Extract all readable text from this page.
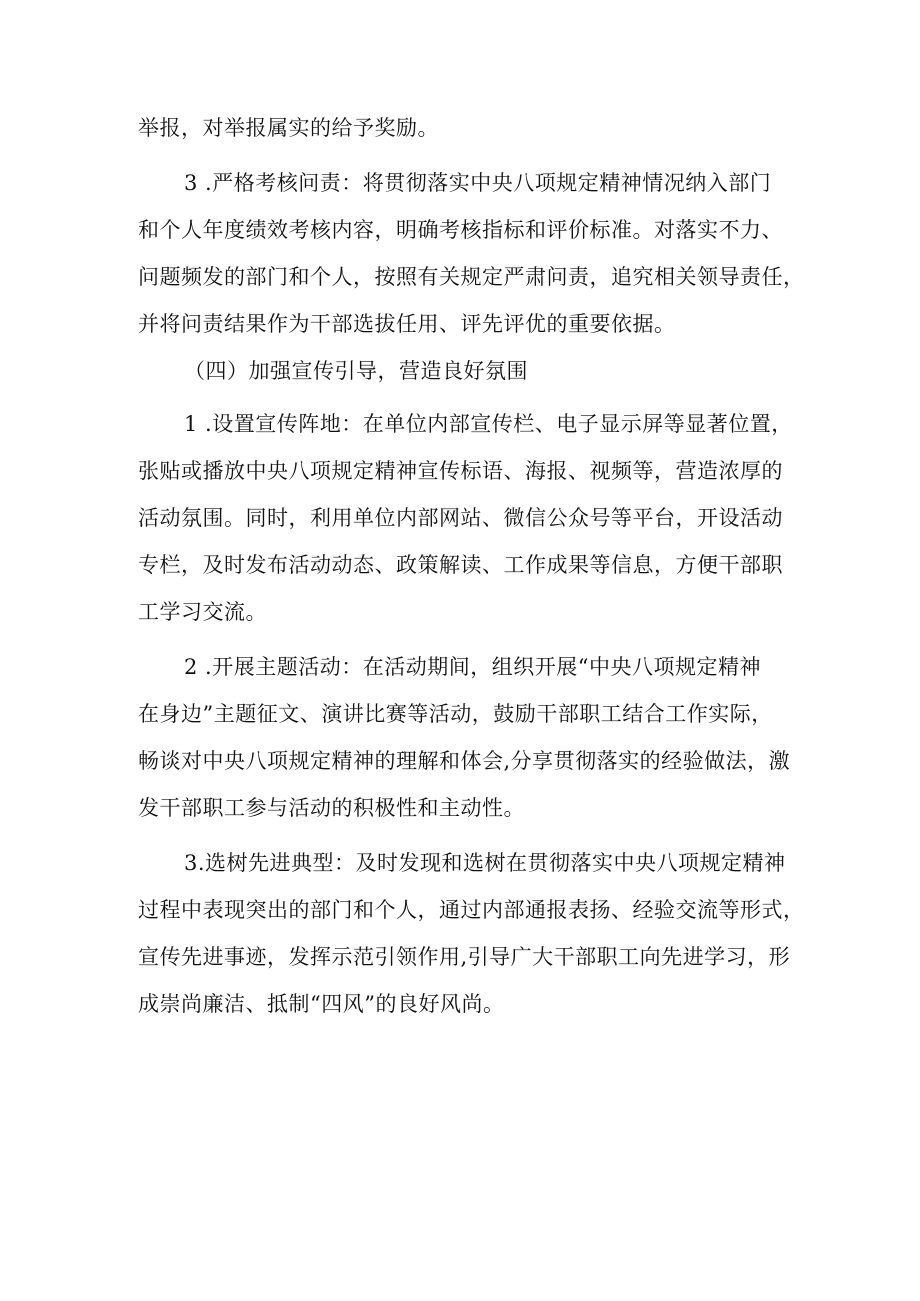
举报，对举报属实的给予奖励。
3 .严格考核问责：将贯彻落实中央八项规定精神情况纳入部门
和个人年度绩效考核内容，明确考核指标和评价标准。对落实不力、
问题频发的部门和个人，按照有关规定严肃问责，追究相关领导责任，
并将问责结果作为干部选拔任用、评先评优的重要依据。
（四）加强宣传引导，营造良好氛围
1 .设置宣传阵地：在单位内部宣传栏、电子显示屏等显著位置，
张贴或播放中央八项规定精神宣传标语、海报、视频等，营造浓厚的
活动氛围。同时，利用单位内部网站、微信公众号等平台，开设活动
专栏，及时发布活动动态、政策解读、工作成果等信息，方便干部职
工学习交流。
2 .开展主题活动：在活动期间，组织开展“中央八项规定精神
在身边”主题征文、演讲比赛等活动，鼓励干部职工结合工作实际，
畅谈对中央八项规定精神的理解和体会,分享贯彻落实的经验做法，激
发干部职工参与活动的积极性和主动性。
3.选树先进典型：及时发现和选树在贯彻落实中央八项规定精神
过程中表现突出的部门和个人，通过内部通报表扬、经验交流等形式，
宣传先进事迹，发挥示范引领作用,引导广大干部职工向先进学习，形
成崇尚廉洁、抵制“四风”的良好风尚。
